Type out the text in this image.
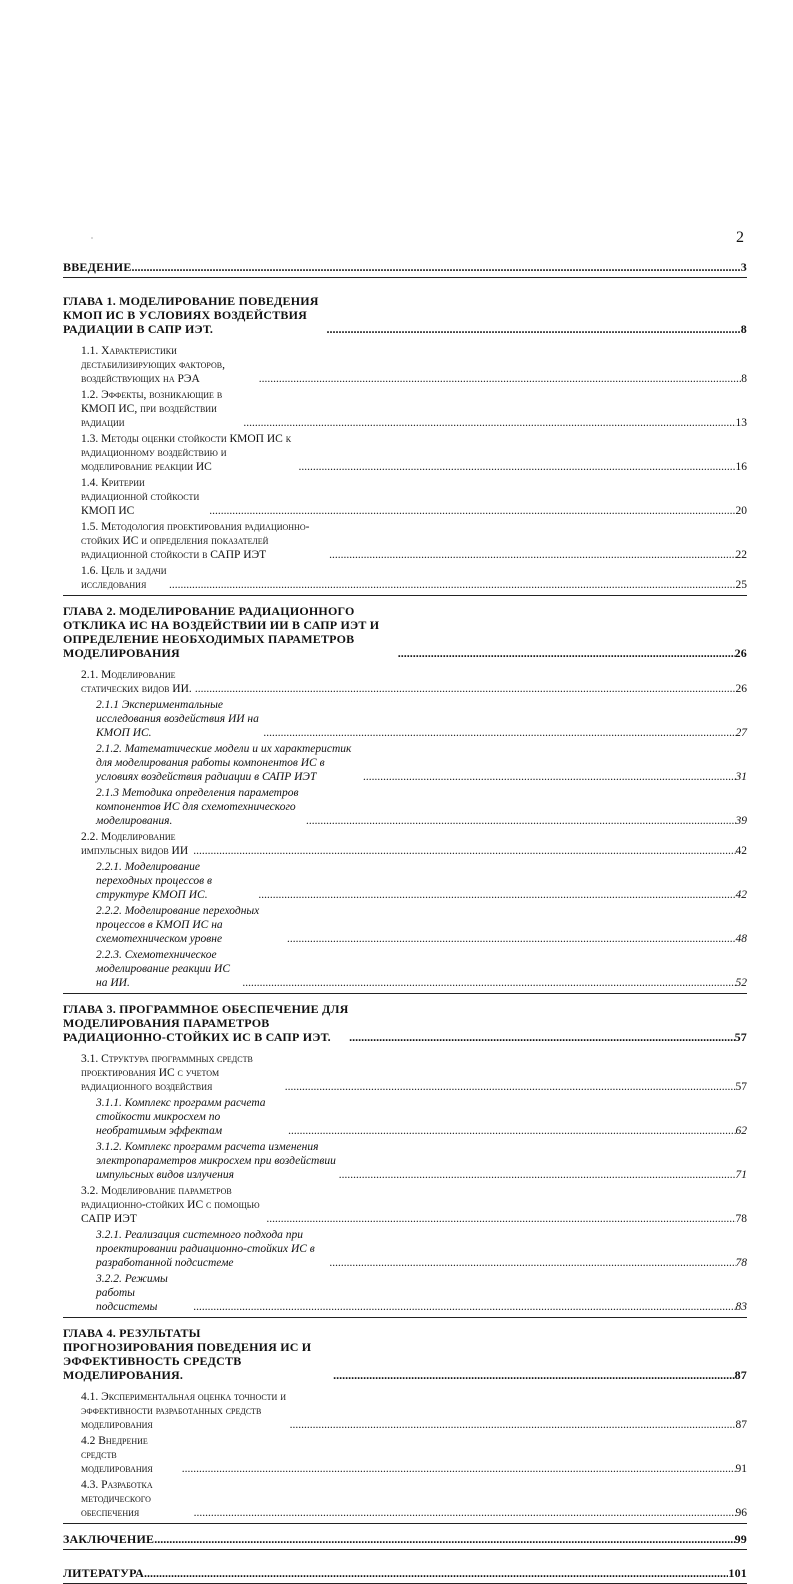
2
ВВЕДЕНИЕ .....	3
ГЛАВА 1. МОДЕЛИРОВАНИЕ ПОВЕДЕНИЯ КМОП ИС В УСЛОВИЯХ ВОЗДЕЙСТВИЯ РАДИАЦИИ В САПР ИЭТ. .....	8
1.1. Характеристики дестабилизирующих факторов, воздействующих на РЭА .....	8
1.2. Эффекты, возникающие в КМОП ИС, при воздействии радиации .....	13
1.3. Методы оценки стойкости КМОП ИС к радиационному воздействию и моделирование реакции ИС .....	16
1.4. Критерии радиационной стойкости КМОП ИС .....	20
1.5. Методология проектирования радиационно-стойких ИС и определения показателей радиационной стойкости в САПР ИЭТ .....	22
1.6. Цель и задачи исследования .....	25
ГЛАВА 2. МОДЕЛИРОВАНИЕ РАДИАЦИОННОГО ОТКЛИКА ИС НА ВОЗДЕЙСТВИИ ИИ В САПР ИЭТ И ОПРЕДЕЛЕНИЕ НЕОБХОДИМЫХ ПАРАМЕТРОВ МОДЕЛИРОВАНИЯ .....	26
2.1. Моделирование статических видов ИИ. .....	26
2.1.1 Экспериментальные исследования воздействия ИИ на КМОП ИС. .....	27
2.1.2. Математические модели и их характеристик для моделирования работы компонентов ИС в условиях воздействия радиации в САПР ИЭТ .....	31
2.1.3 Методика определения параметров компонентов ИС для схемотехнического моделирования. .....	39
2.2. Моделирование импульсных видов ИИ .....	42
2.2.1. Моделирование переходных процессов в структуре КМОП ИС. .....	42
2.2.2. Моделирование переходных процессов в КМОП ИС на схемотехническом уровне .....	48
2.2.3. Схемотехническое моделирование реакции ИС на ИИ. .....	52
ГЛАВА 3. ПРОГРАММНОЕ ОБЕСПЕЧЕНИЕ ДЛЯ МОДЕЛИРОВАНИЯ ПАРАМЕТРОВ РАДИАЦИОННО-СТОЙКИХ ИС В САПР ИЭТ. .....	57
3.1. Структура программных средств проектирования ИС с учетом радиационного воздействия .....	57
3.1.1. Комплекс программ расчета стойкости микросхем по необратимым эффектам .....	62
3.1.2. Комплекс программ расчета изменения электропараметров микросхем при воздействии импульсных видов излучения .....	71
3.2. Моделирование параметров радиационно-стойких ИС с помощью САПР ИЭТ .....	78
3.2.1. Реализация системного подхода при проектировании радиационно-стойких ИС в разработанной подсистеме .....	78
3.2.2. Режимы работы подсистемы .....	83
ГЛАВА 4. РЕЗУЛЬТАТЫ ПРОГНОЗИРОВАНИЯ ПОВЕДЕНИЯ ИС И ЭФФЕКТИВНОСТЬ СРЕДСТВ МОДЕЛИРОВАНИЯ. .....	87
4.1. Экспериментальная оценка точности и эффективности разработанных средств моделирования .....	87
4.2 Внедрение средств моделирования .....	91
4.3. Разработка методического обеспечения .....	96
ЗАКЛЮЧЕНИЕ .....	99
ЛИТЕРАТУРА .....	101
